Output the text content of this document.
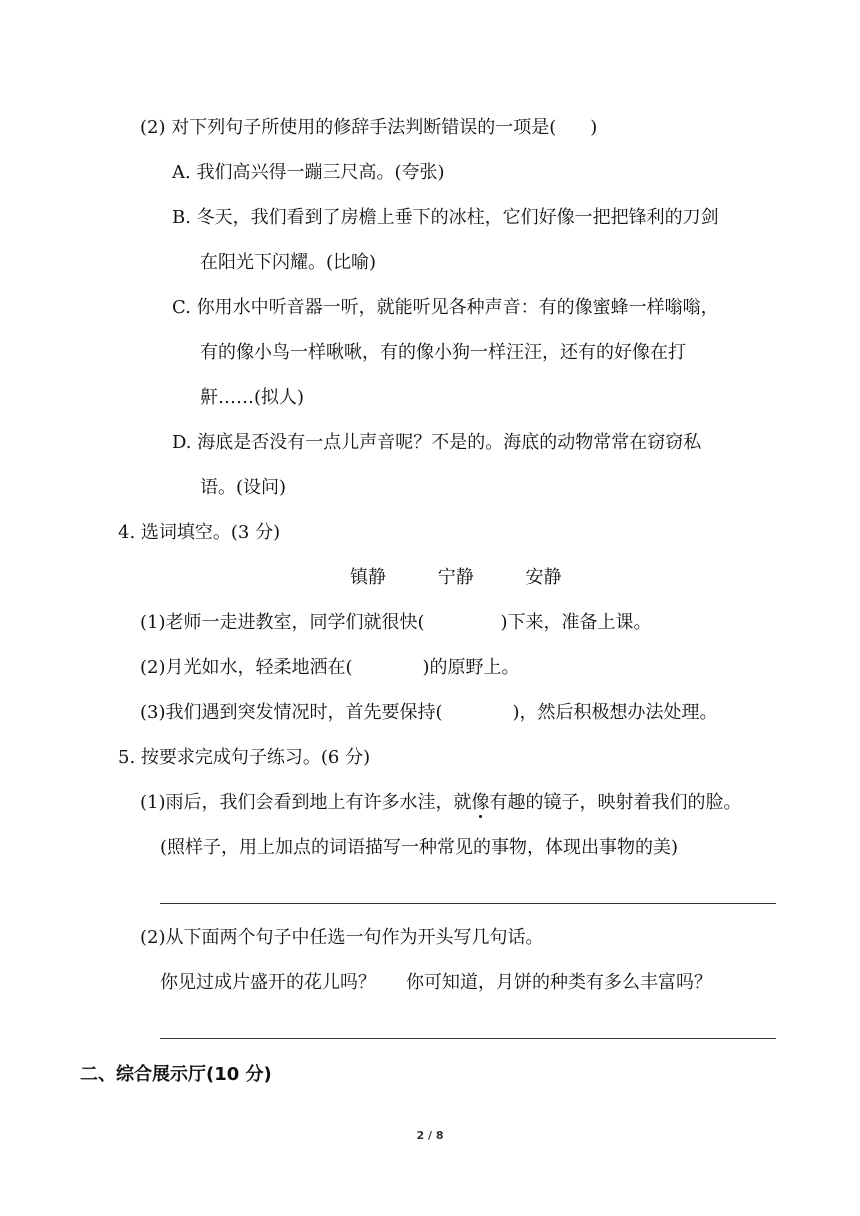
(2) 对下列句子所使用的修辞手法判断错误的一项是( )
A. 我们高兴得一蹦三尺高。(夸张)
B. 冬天，我们看到了房檐上垂下的冰柱，它们好像一把把锋利的刀剑
在阳光下闪耀。(比喻)
C. 你用水中听音器一听，就能听见各种声音：有的像蜜蜂一样嗡嗡，
有的像小鸟一样啾啾，有的像小狗一样汪汪，还有的好像在打
鼾……(拟人)
D. 海底是否没有一点儿声音呢？不是的。海底的动物常常在窃窃私
语。(设问)
4. 选词填空。(3 分)
镇静	宁静	安静
(1)老师一走进教室，同学们就很快(	)下来，准备上课。
(2)月光如水，轻柔地洒在(	)的原野上。
(3)我们遇到突发情况时，首先要保持(	)，然后积极想办法处理。
5. 按要求完成句子练习。(6 分)
(1)雨后，我们会看到地上有许多水洼，就像有趣的镜子，映射着我们的脸。
(照样子，用上加点的词语描写一种常见的事物，体现出事物的美)
(2)从下面两个句子中任选一句作为开头写几句话。
你见过成片盛开的花儿吗？ 你可知道，月饼的种类有多么丰富吗？
二、综合展示厅(10 分)
2 / 8
